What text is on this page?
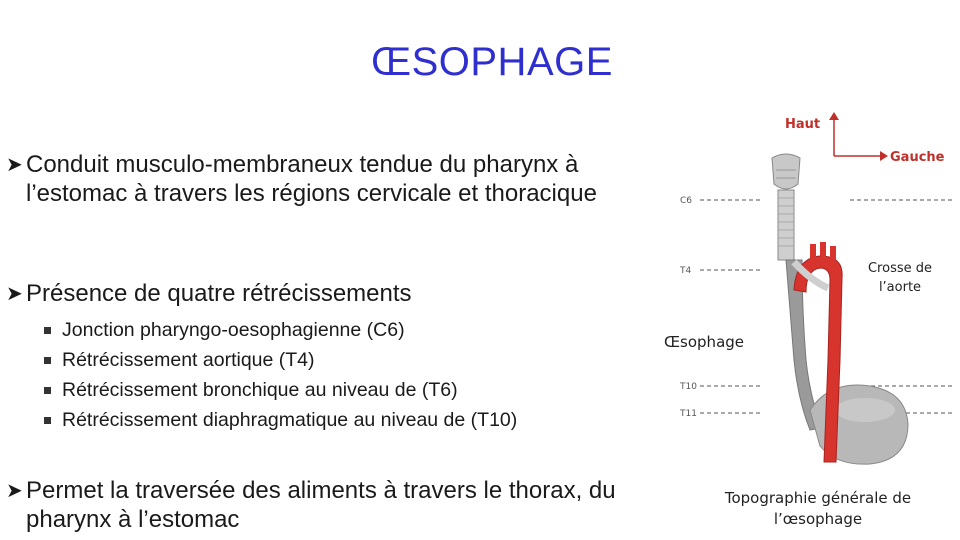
ŒSOPHAGE
➤ Conduit musculo-membraneux tendue du pharynx à l’estomac à travers les régions cervicale et thoracique
➤ Présence de quatre rétrécissements
Jonction pharyngo-oesophagienne (C6)
Rétrécissement aortique (T4)
Rétrécissement bronchique au niveau de (T6)
Rétrécissement diaphragmatique au niveau de (T10)
➤ Permet la traversée des aliments à travers le thorax, du pharynx à l’estomac
C6
T4
T10
T11
Haut
Gauche
Crosse de l’aorte
Œsophage
Topographie générale de l’œsophage
